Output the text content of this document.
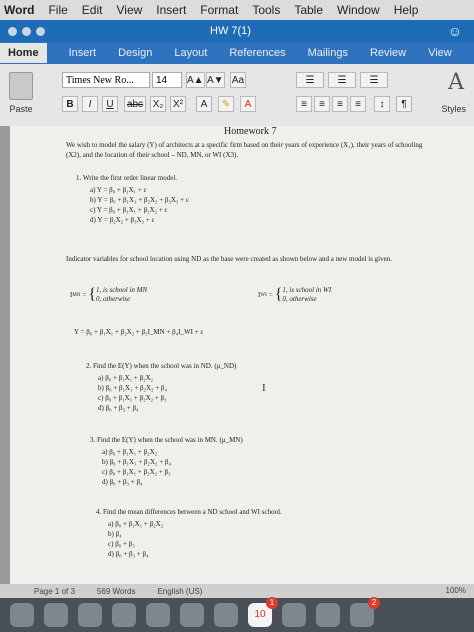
Word File Edit View Insert Format Tools Table Window Help
HW 7(1)	☺
Home	Insert Design Layout References Mailings Review View
Paste
Times New Ro...	14	A▲ A▼ Aa
B	I	U	abc X₂ X²	A	✎	A
☰	☰	☰
≡	≡	≡	≡	↕	¶
A
Styles
Homework 7
We wish to model the salary (Y) of architects at a specific firm based on their years of experience (X₁), their years of schooling (X2), and the location of their school – ND, MN, or WI (X3).
1. Write the first order linear model.
a) Y = β₀ + β₁X₁ + ε
b) Y = β₀ + β₁X₁ + β₂X₂ + β₃X₃ + ε
c) Y = β₀ + β₁X₁ + β₂X₂ + ε
d) Y = β₂X₂ + β₃X₃ + ε
Indicator variables for school location using ND as the base were created as shown below and a new model is given.
I MN = { 1, is school in MN
0, otherwise	I WI = { 1, is school in WI
0, otherwise
Y = β₀ + β₁X₁ + β₂X₂ + β₃I_MN + β₄I_WI + ε
2. Find the E(Y) when the school was in ND. (μ_ND)
a) β₀ + β₁X₁ + β₂X₂
b) β₀ + β₁X₁ + β₂X₂ + β₄
c) β₀ + β₁X₁ + β₂X₂ + β₃
d) β₀ + β₃ + β₄
I
3. Find the E(Y) when the school was in MN. (μ_MN)
a) β₀ + β₁X₁ + β₂X₂
b) β₀ + β₁X₁ + β₂X₂ + β₄
c) β₀ + β₁X₁ + β₂X₂ + β₃
d) β₀ + β₃ + β₄
4. Find the mean differences between a ND school and WI school.
a) β₀ + β₁X₁ + β₂X₂
b) β₄
c) β₀ + β₃
d) β₀ + β₃ + β₄
Page 1 of 3	569 Words	English (US)	100%
10
1	2
